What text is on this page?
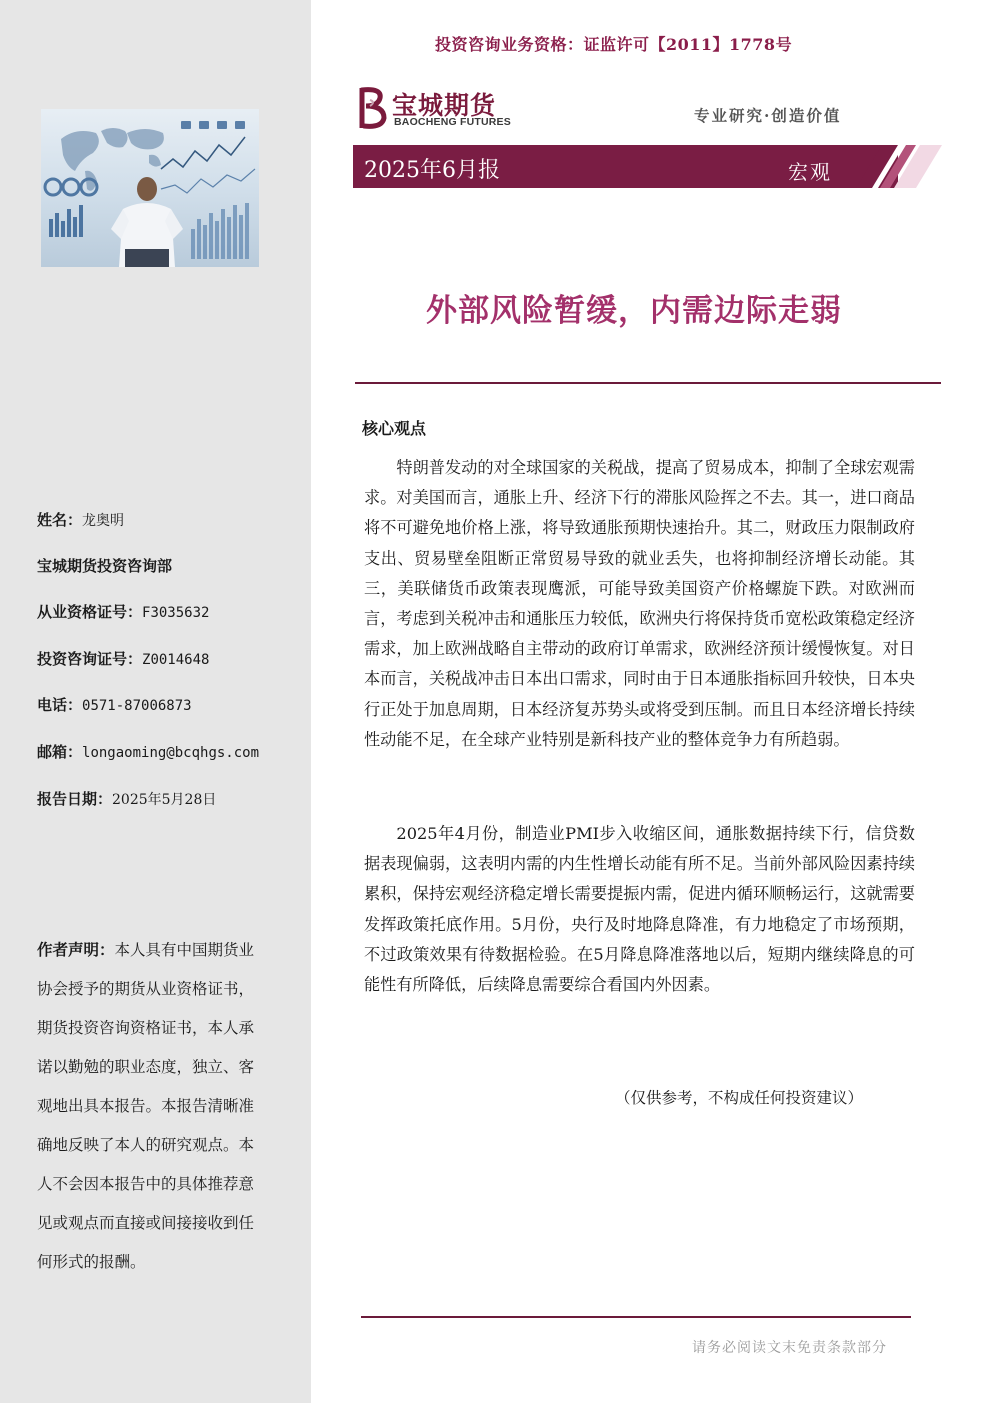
姓名：龙奥明
宝城期货投资咨询部
从业资格证号：F3035632
投资咨询证号：Z0014648
电话：0571-87006873
邮箱：longaoming@bcqhgs.com
报告日期：2025年5月28日
作者声明：本人具有中国期货业协会授予的期货从业资格证书，期货投资咨询资格证书，本人承诺以勤勉的职业态度，独立、客观地出具本报告。本报告清晰准确地反映了本人的研究观点。本人不会因本报告中的具体推荐意见或观点而直接或间接接收到任何形式的报酬。
投资咨询业务资格：证监许可【2011】1778号
宝城期货
BAOCHENG FUTURES	专业研究·创造价值
2025年6月报	宏观
外部风险暂缓，内需边际走弱
核心观点

特朗普发动的对全球国家的关税战，提高了贸易成本，抑制了全球宏观需求。对美国而言，通胀上升、经济下行的滞胀风险挥之不去。其一，进口商品将不可避免地价格上涨，将导致通胀预期快速抬升。其二，财政压力限制政府支出、贸易壁垒阻断正常贸易导致的就业丢失，也将抑制经济增长动能。其三，美联储货币政策表现鹰派，可能导致美国资产价格螺旋下跌。对欧洲而言，考虑到关税冲击和通胀压力较低，欧洲央行将保持货币宽松政策稳定经济需求，加上欧洲战略自主带动的政府订单需求，欧洲经济预计缓慢恢复。对日本而言，关税战冲击日本出口需求，同时由于日本通胀指标回升较快，日本央行正处于加息周期，日本经济复苏势头或将受到压制。而且日本经济增长持续性动能不足，在全球产业特别是新科技产业的整体竞争力有所趋弱。

2025年4月份，制造业PMI步入收缩区间，通胀数据持续下行，信贷数据表现偏弱，这表明内需的内生性增长动能有所不足。当前外部风险因素持续累积，保持宏观经济稳定增长需要提振内需，促进内循环顺畅运行，这就需要发挥政策托底作用。5月份，央行及时地降息降准，有力地稳定了市场预期，不过政策效果有待数据检验。在5月降息降准落地以后，短期内继续降息的可能性有所降低，后续降息需要综合看国内外因素。

（仅供参考，不构成任何投资建议）
请务必阅读文末免责条款部分
